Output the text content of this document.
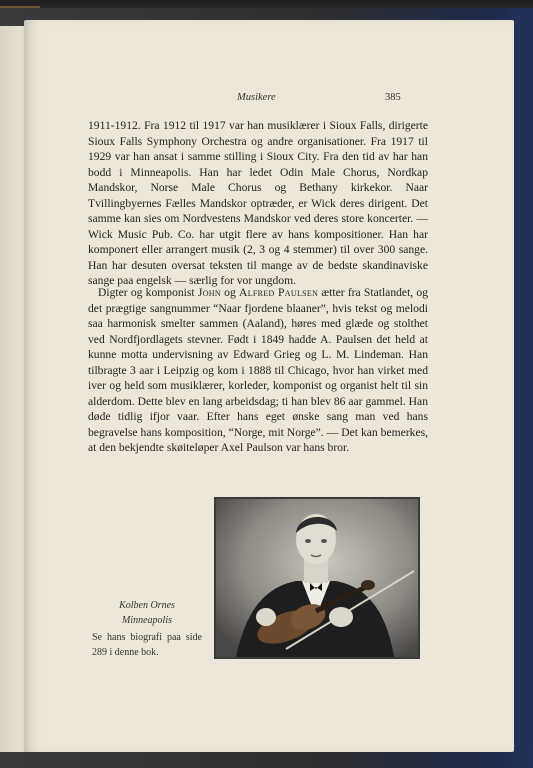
Musikere	385
1911-1912. Fra 1912 til 1917 var han musiklærer i Sioux Falls, dirigerte Sioux Falls Symphony Orchestra og andre organisationer. Fra 1917 til 1929 var han ansat i samme stilling i Sioux City. Fra den tid av har han bodd i Minneapolis. Han har ledet Odin Male Chorus, Nordkap Mandskor, Norse Male Chorus og Bethany kirkekor. Naar Tvillingbyernes Fælles Mandskor optræder, er Wick deres dirigent. Det samme kan sies om Nordvestens Mandskor ved deres store koncerter. — Wick Music Pub. Co. har utgit flere av hans kompositioner. Han har komponert eller arrangert musik (2, 3 og 4 stemmer) til over 300 sange. Han har desuten oversat teksten til mange av de bedste skandinaviske sange paa engelsk — særlig for vor ungdom.
Digter og komponist John og Alfred Paulsen ætter fra Statlandet, og det prægtige sangnummer “Naar fjordene blaaner”, hvis tekst og melodi saa harmonisk smelter sammen (Aaland), høres med glæde og stolthet ved Nordfjordlagets stevner. Født i 1849 hadde A. Paulsen det held at kunne motta undervisning av Edward Grieg og L. M. Lindeman. Han tilbragte 3 aar i Leipzig og kom i 1888 til Chicago, hvor han virket med iver og held som musiklærer, korleder, komponist og organist helt til sin alderdom. Dette blev en lang arbeidsdag; ti han blev 86 aar gammel. Han døde tidlig ifjor vaar. Efter hans eget ønske sang man ved hans begravelse hans komposition, “Norge, mit Norge”. — Det kan bemerkes, at den bekjendte skøiteløper Axel Paulson var hans bror.
Kolben Ornes
Minneapolis
Se hans biografi paa side 289 i denne bok.
